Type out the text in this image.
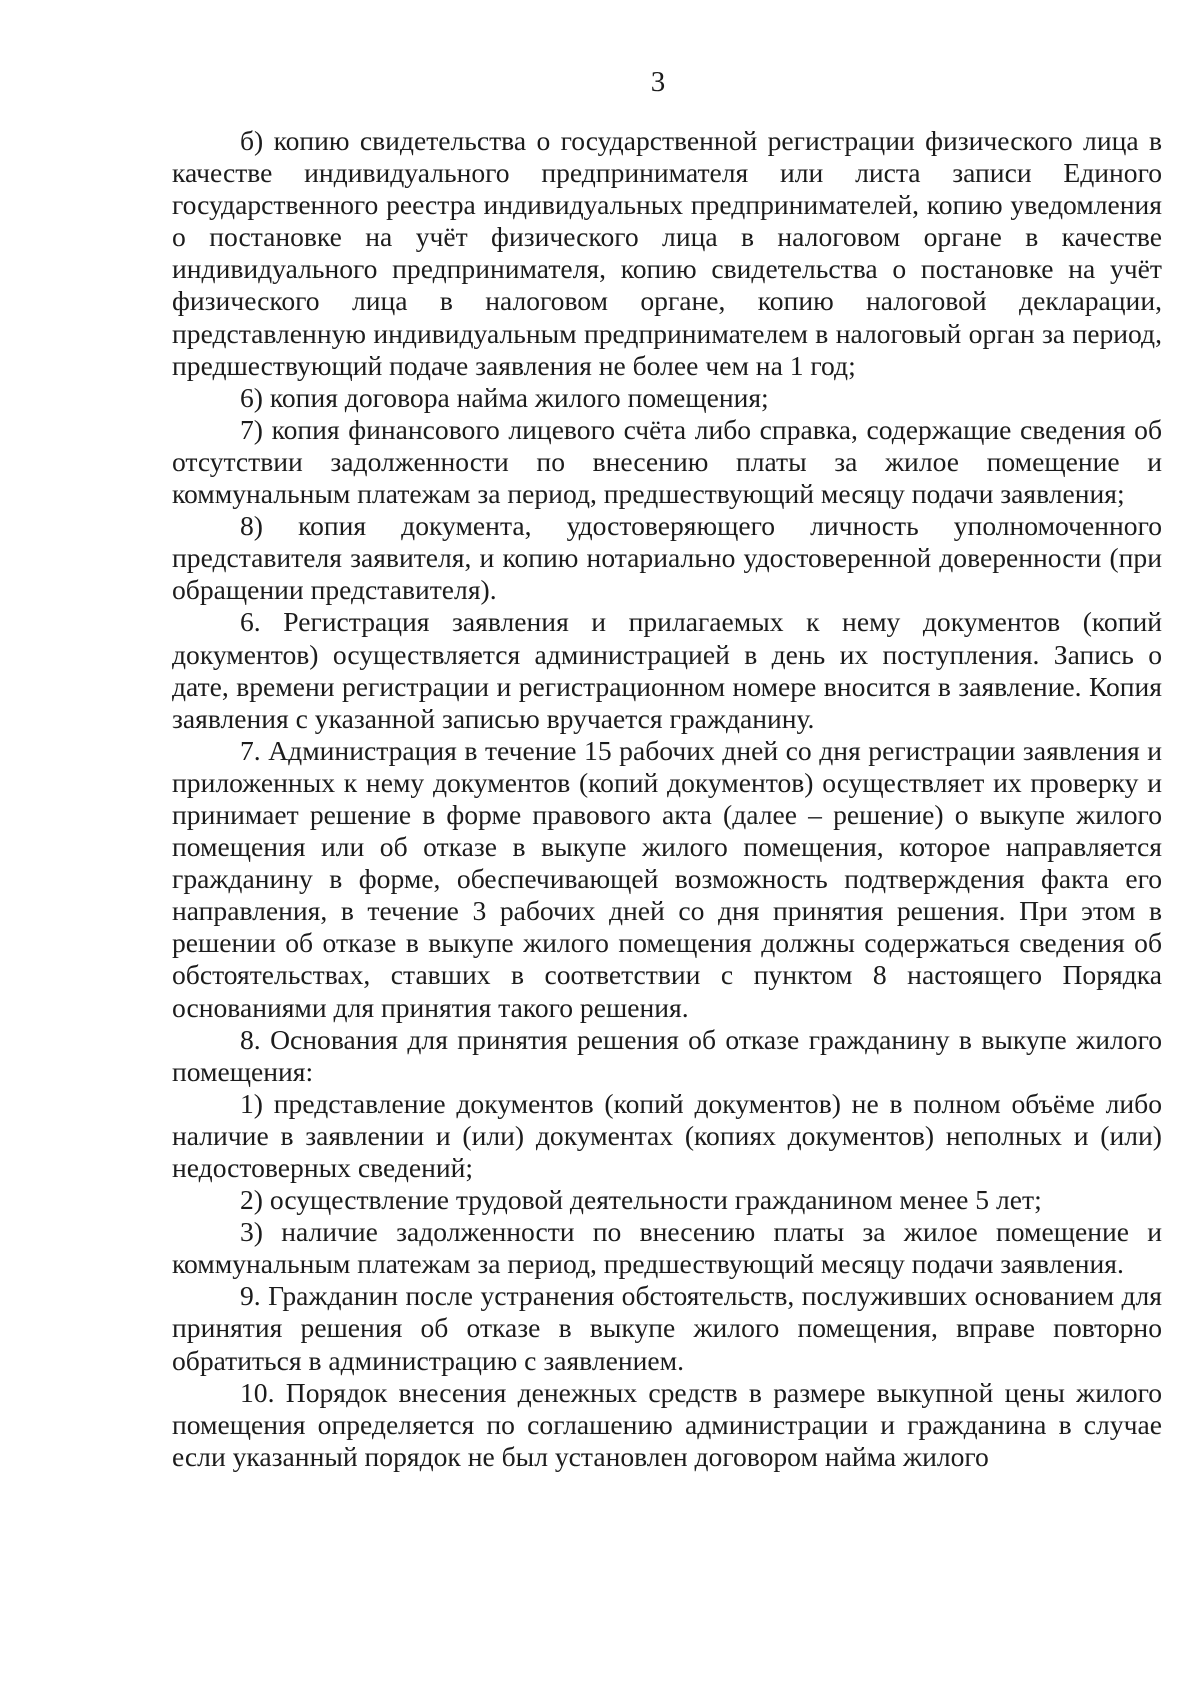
3

б) копию свидетельства о государственной регистрации физического лица в качестве индивидуального предпринимателя или листа записи Единого государственного реестра индивидуальных предпринимателей, копию уведомления о постановке на учёт физического лица в налоговом органе в качестве индивидуального предпринимателя, копию свидетельства о постановке на учёт физического лица в налоговом органе, копию налоговой декларации, представленную индивидуальным предпринимателем в налоговый орган за период, предшествующий подаче заявления не более чем на 1 год;

6) копия договора найма жилого помещения;

7) копия финансового лицевого счёта либо справка, содержащие сведения об отсутствии задолженности по внесению платы за жилое помещение и коммунальным платежам за период, предшествующий месяцу подачи заявления;

8) копия документа, удостоверяющего личность уполномоченного представителя заявителя, и копию нотариально удостоверенной доверенности (при обращении представителя).

6. Регистрация заявления и прилагаемых к нему документов (копий документов) осуществляется администрацией в день их поступления. Запись о дате, времени регистрации и регистрационном номере вносится в заявление. Копия заявления с указанной записью вручается гражданину.

7. Администрация в течение 15 рабочих дней со дня регистрации заявления и приложенных к нему документов (копий документов) осуществляет их проверку и принимает решение в форме правового акта (далее – решение) о выкупе жилого помещения или об отказе в выкупе жилого помещения, которое направляется гражданину в форме, обеспечивающей возможность подтверждения факта его направления, в течение 3 рабочих дней со дня принятия решения. При этом в решении об отказе в выкупе жилого помещения должны содержаться сведения об обстоятельствах, ставших в соответствии с пунктом 8 настоящего Порядка основаниями для принятия такого решения.

8. Основания для принятия решения об отказе гражданину в выкупе жилого помещения:

1) представление документов (копий документов) не в полном объёме либо наличие в заявлении и (или) документах (копиях документов) неполных и (или) недостоверных сведений;

2) осуществление трудовой деятельности гражданином менее 5 лет;

3) наличие задолженности по внесению платы за жилое помещение и коммунальным платежам за период, предшествующий месяцу подачи заявления.

9. Гражданин после устранения обстоятельств, послуживших основанием для принятия решения об отказе в выкупе жилого помещения, вправе повторно обратиться в администрацию с заявлением.

10. Порядок внесения денежных средств в размере выкупной цены жилого помещения определяется по соглашению администрации и гражданина в случае если указанный порядок не был установлен договором найма жилого
